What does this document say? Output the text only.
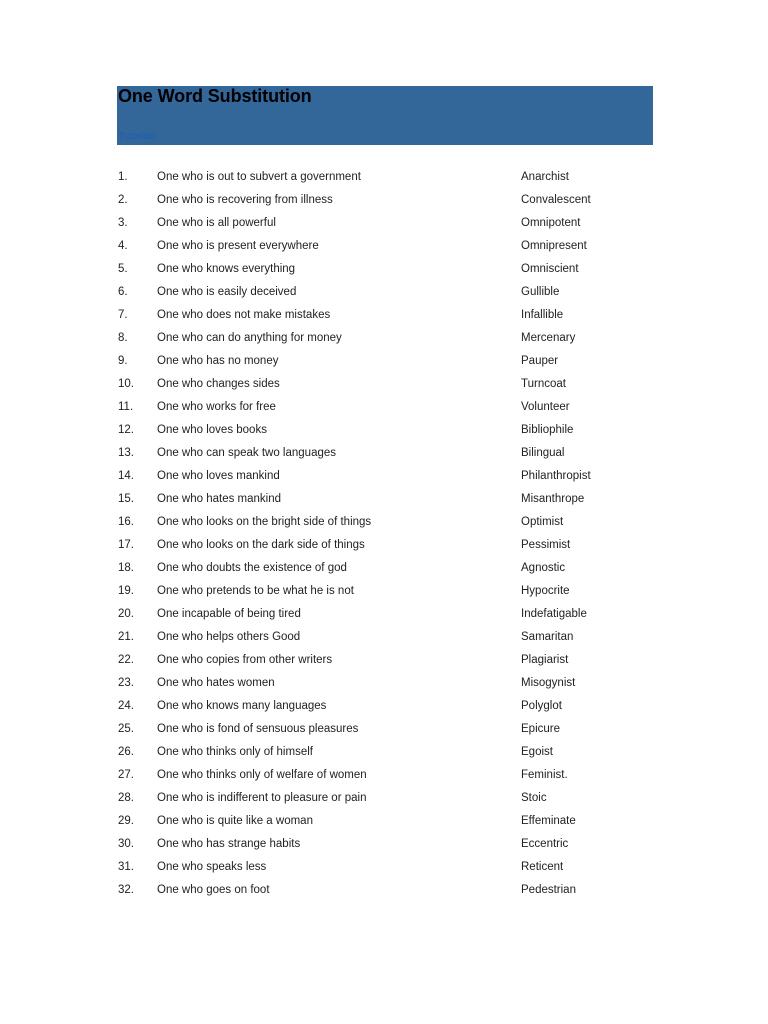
One Word Substitution
Tutorials
1.	One who is out to subvert a government	Anarchist
2.	One who is recovering from illness	Convalescent
3.	One who is all powerful	Omnipotent
4.	One who is present everywhere	Omnipresent
5.	One who knows everything	Omniscient
6.	One who is easily deceived	Gullible
7.	One who does not make mistakes	Infallible
8.	One who can do anything for money	Mercenary
9.	One who has no money	Pauper
10. One who changes sides	Turncoat
11. One who works for free	Volunteer
12. One who loves books	Bibliophile
13. One who can speak two languages	Bilingual
14. One who loves mankind	Philanthropist
15. One who hates mankind	Misanthrope
16. One who looks on the bright side of things	Optimist
17. One who looks on the dark side of things	Pessimist
18. One who doubts the existence of god	Agnostic
19. One who pretends to be what he is not	Hypocrite
20. One incapable of being tired	Indefatigable
21. One who helps others Good	Samaritan
22. One who copies from other writers	Plagiarist
23. One who hates women	Misogynist
24. One who knows many languages	Polyglot
25. One who is fond of sensuous pleasures	Epicure
26. One who thinks only of himself	Egoist
27. One who thinks only of welfare of women	Feminist.
28. One who is indifferent to pleasure or pain	Stoic
29. One who is quite like a woman	Effeminate
30. One who has strange habits	Eccentric
31. One who speaks less	Reticent
32. One who goes on foot	Pedestrian
